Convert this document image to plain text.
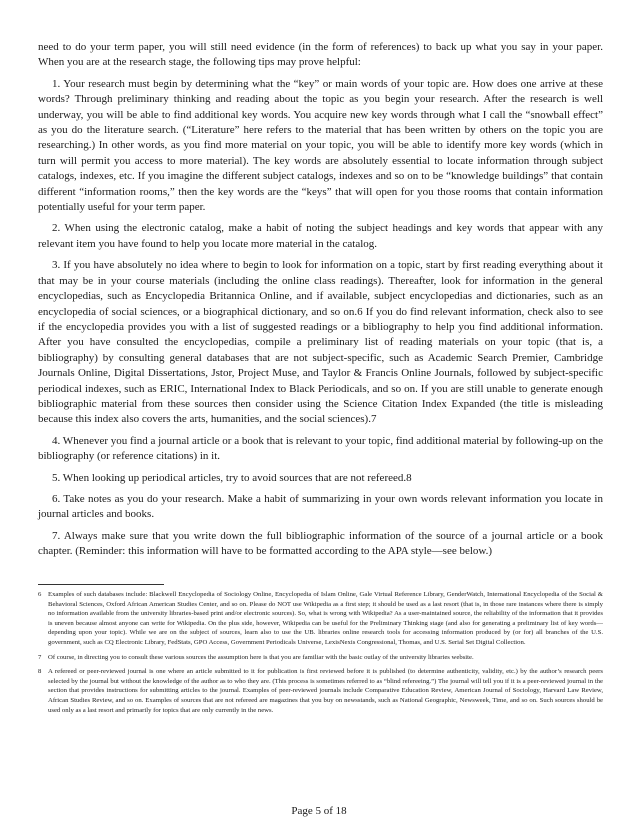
need to do your term paper, you will still need evidence (in the form of references) to back up what you say in your paper. When you are at the research stage, the following tips may prove helpful:

1. Your research must begin by determining what the “key” or main words of your topic are. How does one arrive at these words? Through preliminary thinking and reading about the topic as you begin your research. After the research is well underway, you will be able to find additional key words. You acquire new key words through what I call the “snowball effect” as you do the literature search. (“Literature” here refers to the material that has been written by others on the topic you are researching.) In other words, as you find more material on your topic, you will be able to identify more key words (which in turn will permit you access to more material). The key words are absolutely essential to locate information through subject catalogs, indexes, etc. If you imagine the different subject catalogs, indexes and so on to be “knowledge buildings” that contain different “information rooms,” then the key words are the “keys” that will open for you those rooms that contain information potentially useful for your term paper.

2. When using the electronic catalog, make a habit of noting the subject headings and key words that appear with any relevant item you have found to help you locate more material in the catalog.

3. If you have absolutely no idea where to begin to look for information on a topic, start by first reading everything about it that may be in your course materials (including the online class readings). Thereafter, look for information in the general encyclopedias, such as Encyclopedia Britannica Online, and if available, subject encyclopedias and dictionaries, such as an encyclopedia of social sciences, or a biographical dictionary, and so on.6 If you do find relevant information, check also to see if the encyclopedia provides you with a list of suggested readings or a bibliography to help you find additional information. After you have consulted the encyclopedias, compile a preliminary list of reading materials on your topic (that is, a bibliography) by consulting general databases that are not subject-specific, such as Academic Search Premier, Cambridge Journals Online, Digital Dissertations, Jstor, Project Muse, and Taylor & Francis Online Journals, followed by subject-specific periodical indexes, such as ERIC, International Index to Black Periodicals, and so on. If you are still unable to generate enough bibliographic material from these sources then consider using the Science Citation Index Expanded (the title is misleading because this index also covers the arts, humanities, and the social sciences).7

4. Whenever you find a journal article or a book that is relevant to your topic, find additional material by following-up on the bibliography (or reference citations) in it.

5. When looking up periodical articles, try to avoid sources that are not refereed.8

6. Take notes as you do your research. Make a habit of summarizing in your own words relevant information you locate in journal articles and books.

7. Always make sure that you write down the full bibliographic information of the source of a journal article or a book chapter. (Reminder: this information will have to be formatted according to the APA style—see below.)

6 Examples of such databases include: Blackwell Encyclopedia of Sociology Online, Encyclopedia of Islam Online, Gale Virtual Reference Library, GenderWatch, International Encyclopedia of the Social & Behavioral Sciences, Oxford African American Studies Center, and so on. Please do NOT use Wikipedia as a first step; it should be used as a last resort (that is, in those rare instances where there is simply no information available from the university libraries-based print and/or electronic sources). So, what is wrong with Wikipedia? As a user-maintained source, the reliability of the information that it provides is uneven because almost anyone can write for Wikipedia. On the plus side, however, Wikipedia can be useful for the Preliminary Thinking stage (and also for generating a preliminary list of key words—depending upon your topic). While we are on the subject of sources, learn also to use the UB. libraries online research tools for accessing information produced by (or for) all branches of the U.S. government, such as CQ Electronic Library, FedStats, GPO Access, Government Periodicals Universe, LexisNexis Congressional, Thomas, and U.S. Serial Set Digital Collection.
7 Of course, in directing you to consult these various sources the assumption here is that you are familiar with the basic outlay of the university libraries website.
8 A refereed or peer-reviewed journal is one where an article submitted to it for publication is first reviewed before it is published (to determine authenticity, validity, etc.) by the author’s research peers selected by the journal but without the knowledge of the author as to who they are. (This process is sometimes referred to as “blind refereeing.”) The journal will tell you if it is a peer-reviewed journal in the section that provides instructions for submitting articles to the journal. Examples of peer-reviewed journals include Comparative Education Review, American Journal of Sociology, Harvard Law Review, African Studies Review, and so on. Examples of sources that are not refereed are magazines that you buy on newsstands, such as National Geographic, Newsweek, Time, and so on. Such sources should be used only as a last resort and primarily for topics that are only currently in the news.
Page 5 of 18
